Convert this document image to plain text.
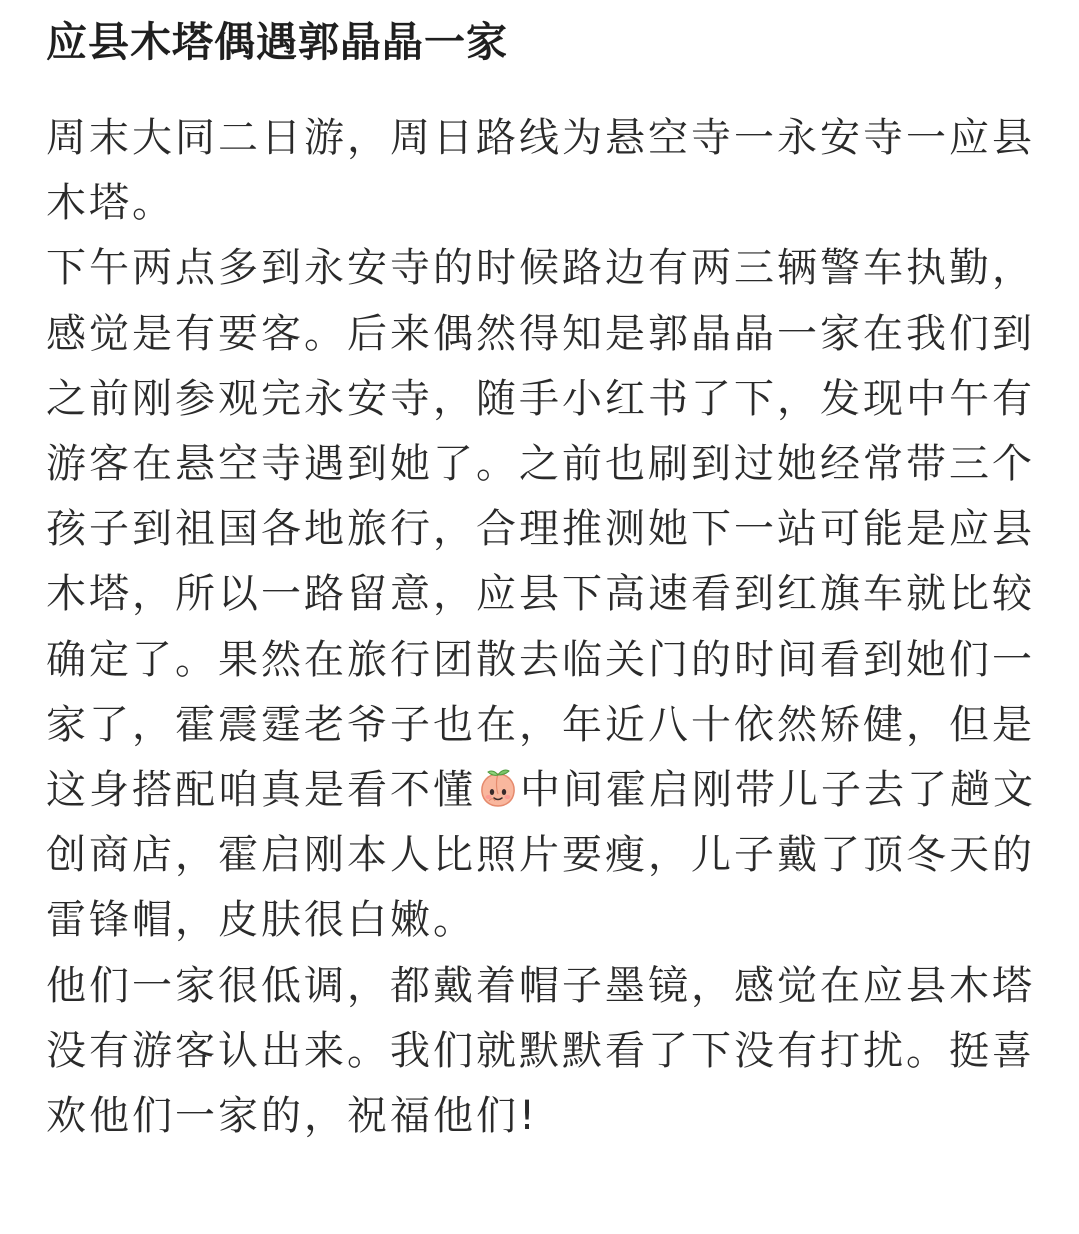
应县木塔偶遇郭晶晶一家

周末大同二日游，周日路线为悬空寺一永安寺一应县木塔。

下午两点多到永安寺的时候路边有两三辆警车执勤，感觉是有要客。后来偶然得知是郭晶晶一家在我们到之前刚参观完永安寺，随手小红书了下，发现中午有游客在悬空寺遇到她了。之前也刷到过她经常带三个孩子到祖国各地旅行，合理推测她下一站可能是应县木塔，所以一路留意，应县下高速看到红旗车就比较确定了。果然在旅行团散去临关门的时间看到她们一家了，霍震霆老爷子也在，年近八十依然矫健，但是这身搭配咱真是看不懂 中间霍启刚带儿子去了趟文创商店，霍启刚本人比照片要瘦，儿子戴了顶冬天的雷锋帽，皮肤很白嫩。

他们一家很低调，都戴着帽子墨镜，感觉在应县木塔没有游客认出来。我们就默默看了下没有打扰。挺喜欢他们一家的，祝福他们!
